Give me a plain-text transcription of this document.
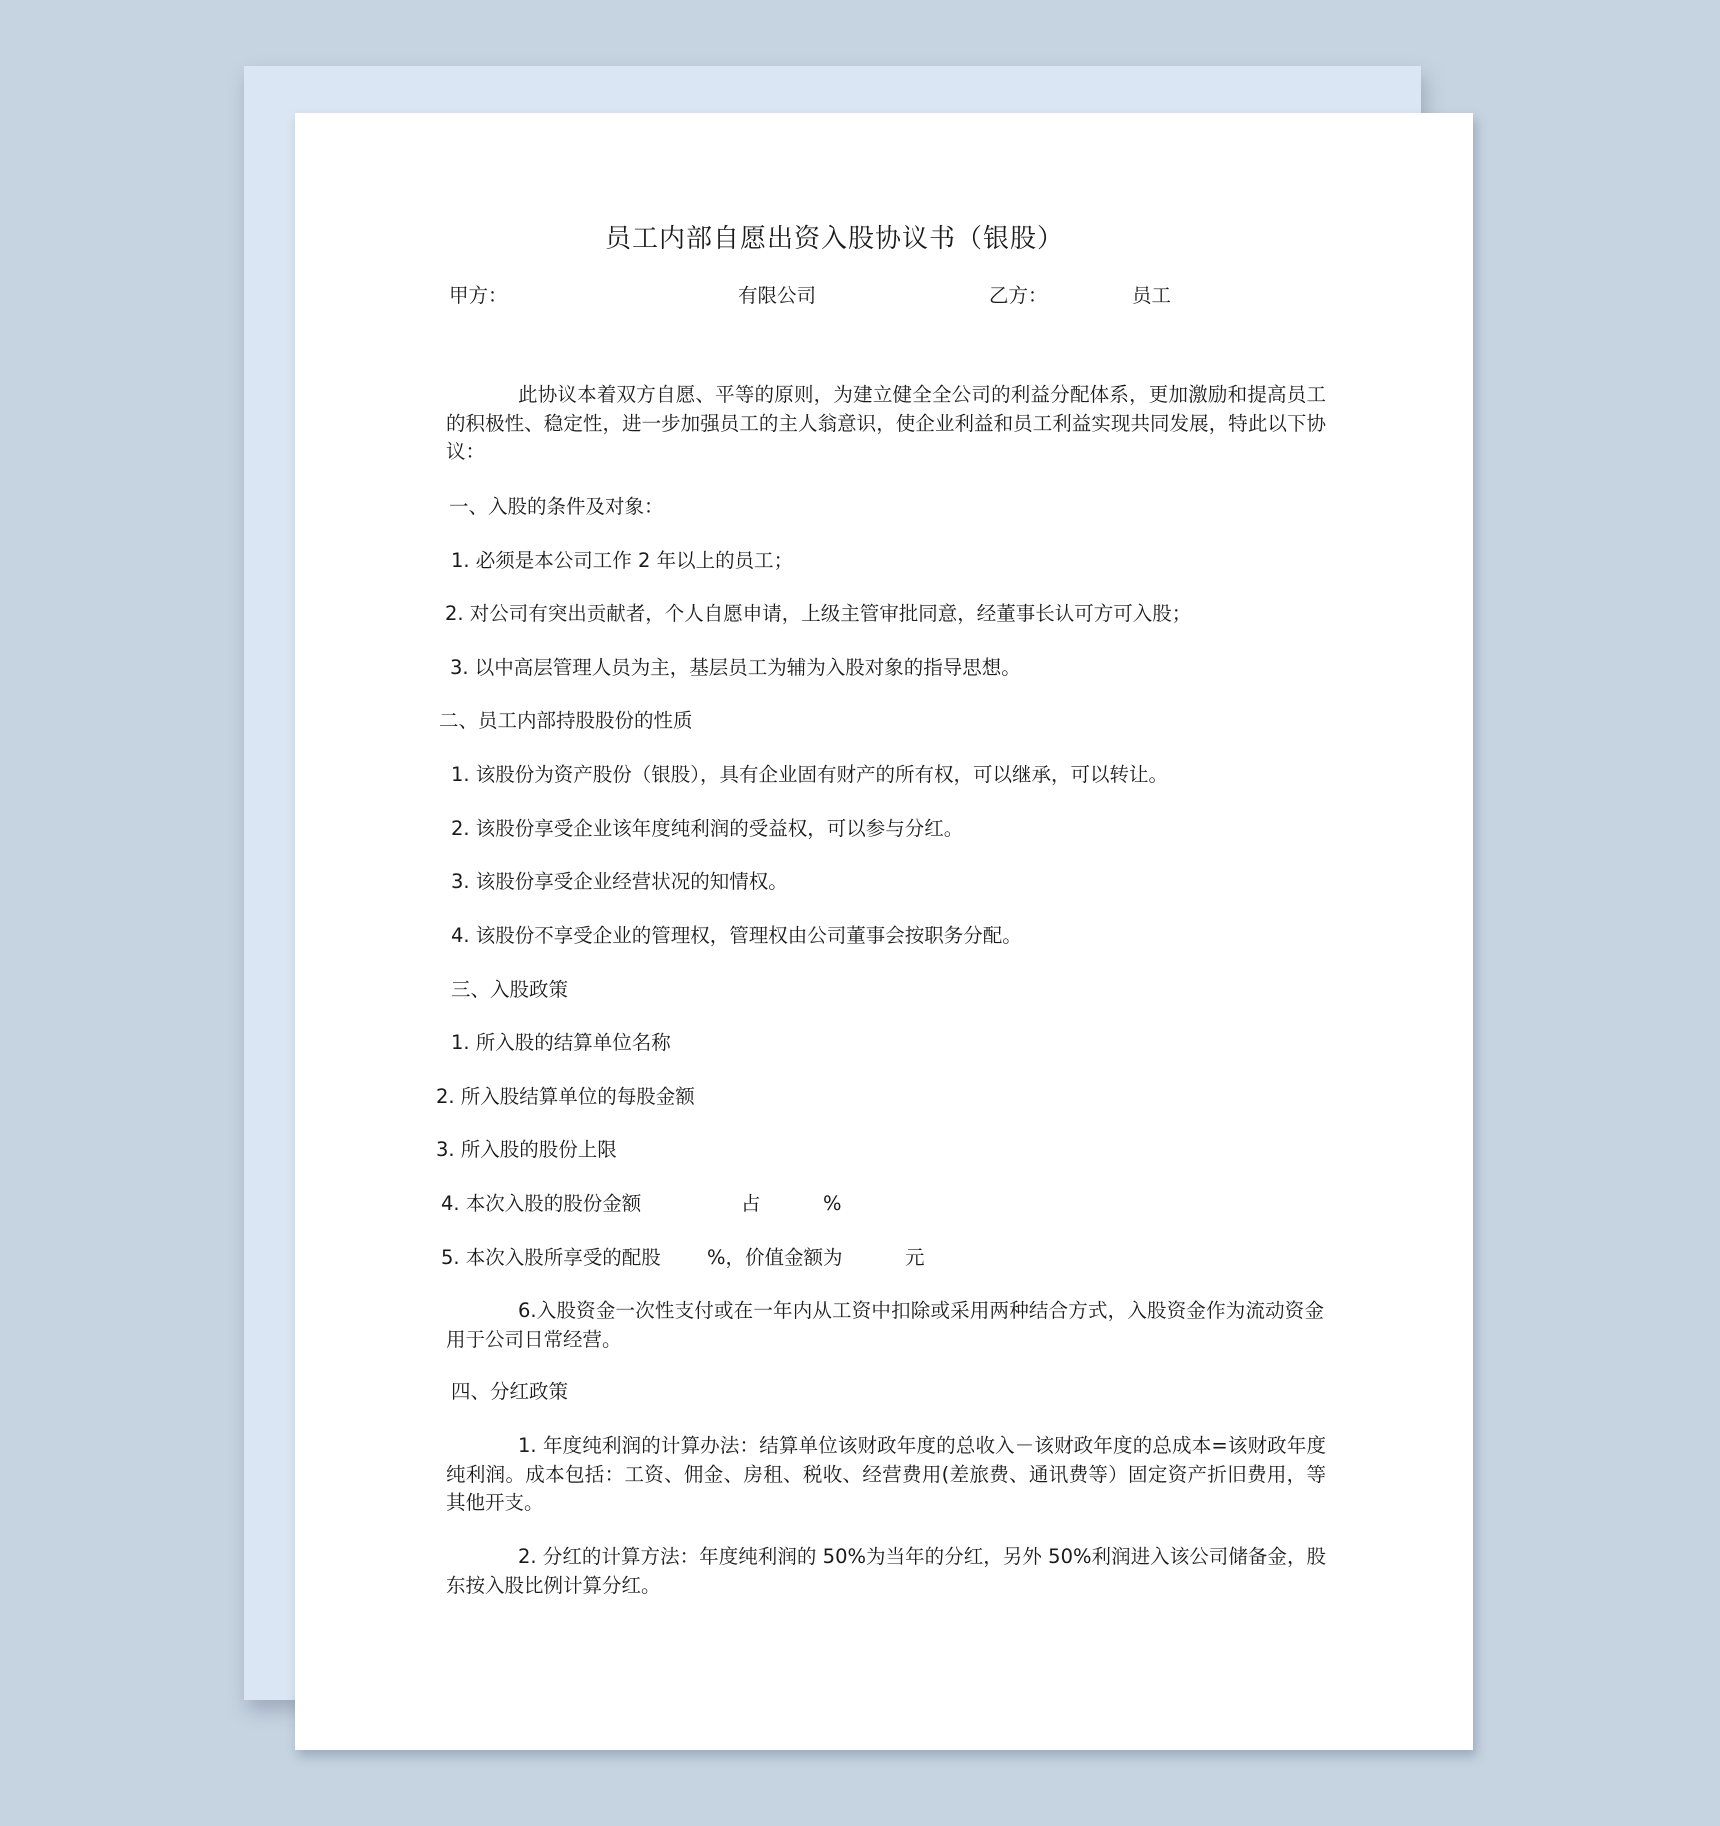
员工内部自愿出资入股协议书（银股）
甲方：	有限公司	乙方：	员工
此协议本着双方自愿、平等的原则，为建立健全全公司的利益分配体系，更加激励和提高员工的积极性、稳定性，进一步加强员工的主人翁意识，使企业利益和员工利益实现共同发展，特此以下协议：
一、入股的条件及对象：
1. 必须是本公司工作 2 年以上的员工；
2. 对公司有突出贡献者，个人自愿申请，上级主管审批同意，经董事长认可方可入股；
3. 以中高层管理人员为主，基层员工为辅为入股对象的指导思想。
二、员工内部持股股份的性质
1. 该股份为资产股份（银股），具有企业固有财产的所有权，可以继承，可以转让。
2. 该股份享受企业该年度纯利润的受益权，可以参与分红。
3. 该股份享受企业经营状况的知情权。
4. 该股份不享受企业的管理权，管理权由公司董事会按职务分配。
三、入股政策
1. 所入股的结算单位名称
2. 所入股结算单位的每股金额
3. 所入股的股份上限
4. 本次入股的股份金额	占	%
5. 本次入股所享受的配股 %，价值金额为	元
6.入股资金一次性支付或在一年内从工资中扣除或采用两种结合方式，入股资金作为流动资金用于公司日常经营。
四、分红政策
1. 年度纯利润的计算办法：结算单位该财政年度的总收入－该财政年度的总成本=该财政年度纯利润。成本包括：工资、佣金、房租、税收、经营费用(差旅费、通讯费等）固定资产折旧费用，等其他开支。
2. 分红的计算方法：年度纯利润的 50%为当年的分红，另外 50%利润进入该公司储备金，股东按入股比例计算分红。
